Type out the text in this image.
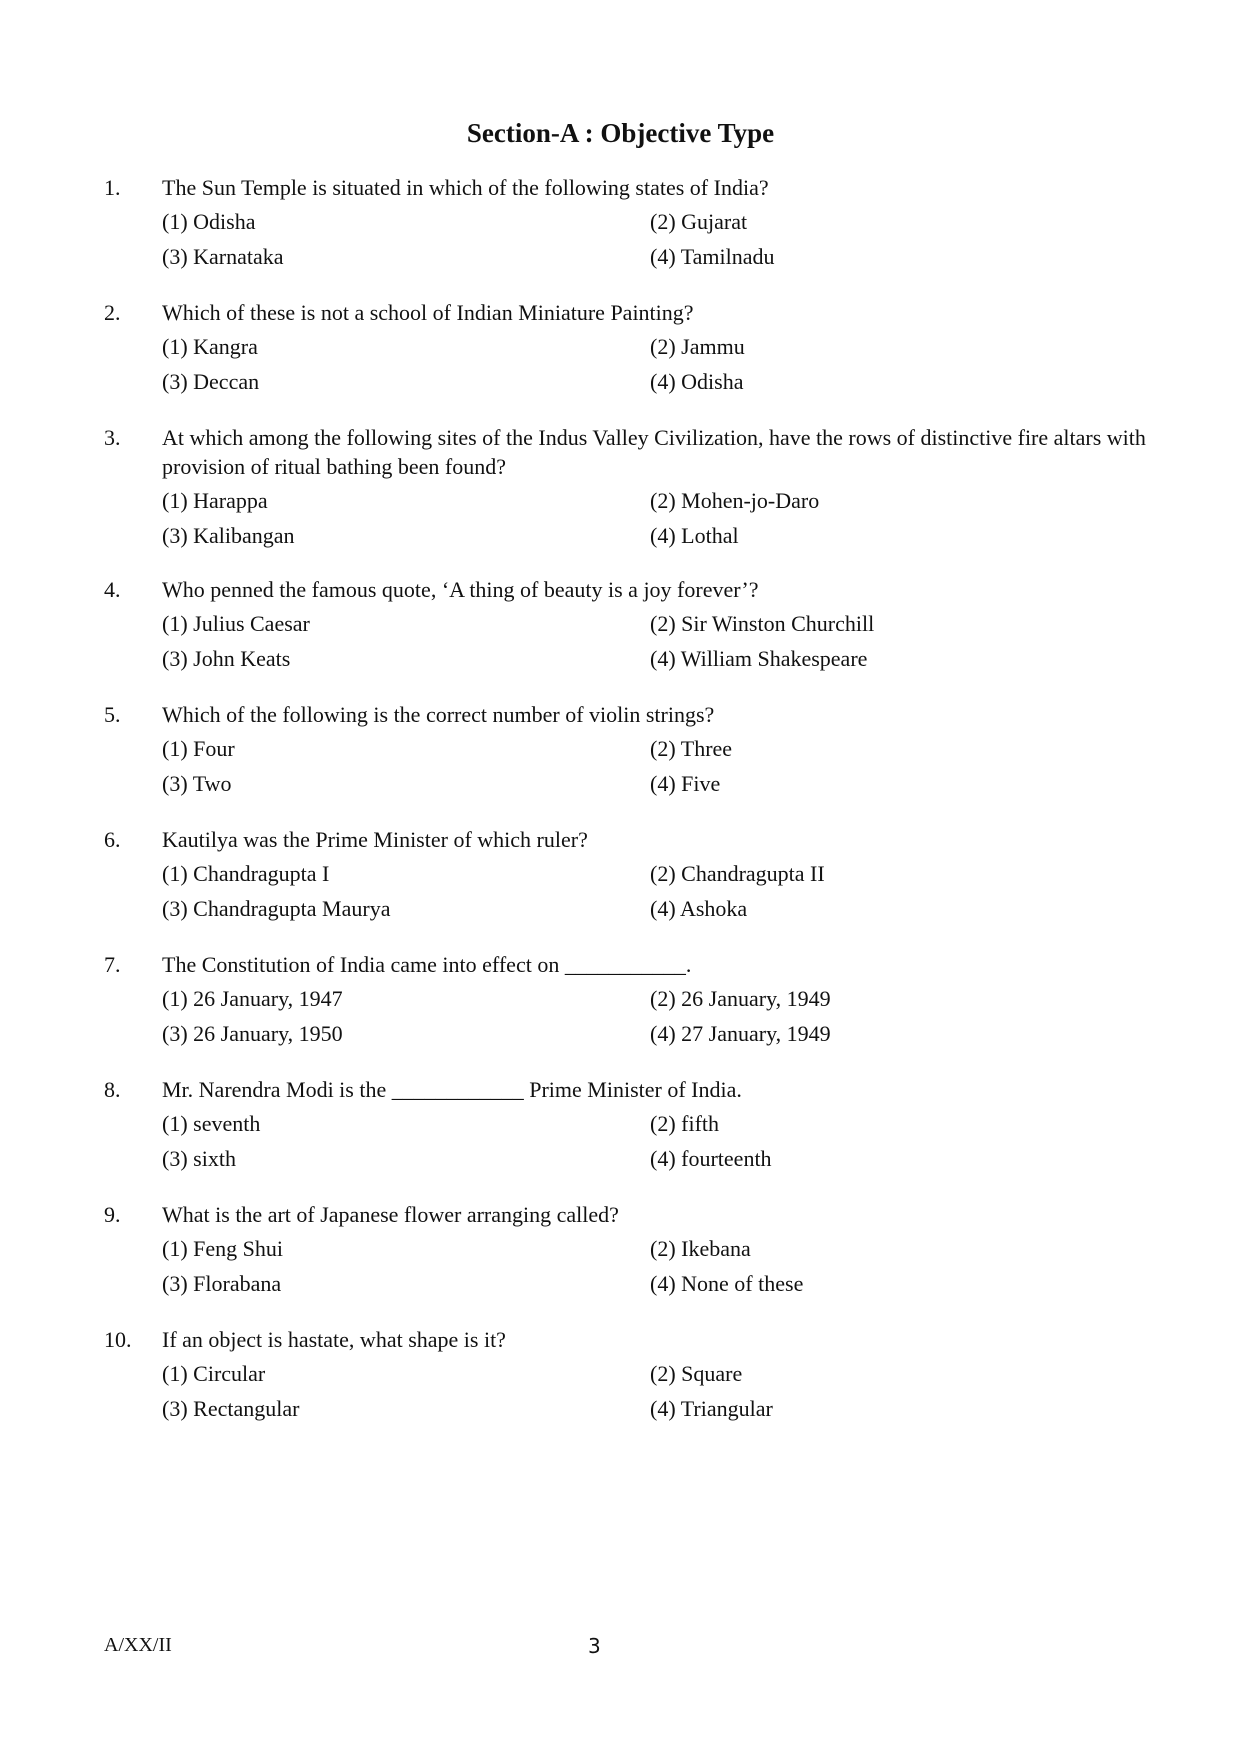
Section-A : Objective Type
1. The Sun Temple is situated in which of the following states of India?
(1) Odisha	(2) Gujarat
(3) Karnataka	(4) Tamilnadu
2. Which of these is not a school of Indian Miniature Painting?
(1) Kangra	(2) Jammu
(3) Deccan	(4) Odisha
3. At which among the following sites of the Indus Valley Civilization, have the rows of distinctive fire altars with provision of ritual bathing been found?
(1) Harappa	(2) Mohen-jo-Daro
(3) Kalibangan	(4) Lothal
4. Who penned the famous quote, ‘A thing of beauty is a joy forever’?
(1) Julius Caesar	(2) Sir Winston Churchill
(3) John Keats	(4) William Shakespeare
5. Which of the following is the correct number of violin strings?
(1) Four	(2) Three
(3) Two	(4) Five
6. Kautilya was the Prime Minister of which ruler?
(1) Chandragupta I	(2) Chandragupta II
(3) Chandragupta Maurya	(4) Ashoka
7. The Constitution of India came into effect on ___________.
(1) 26 January, 1947	(2) 26 January, 1949
(3) 26 January, 1950	(4) 27 January, 1949
8. Mr. Narendra Modi is the ____________ Prime Minister of India.
(1) seventh	(2) fifth
(3) sixth	(4) fourteenth
9. What is the art of Japanese flower arranging called?
(1) Feng Shui	(2) Ikebana
(3) Florabana	(4) None of these
10. If an object is hastate, what shape is it?
(1) Circular	(2) Square
(3) Rectangular	(4) Triangular
A/XX/II	3
